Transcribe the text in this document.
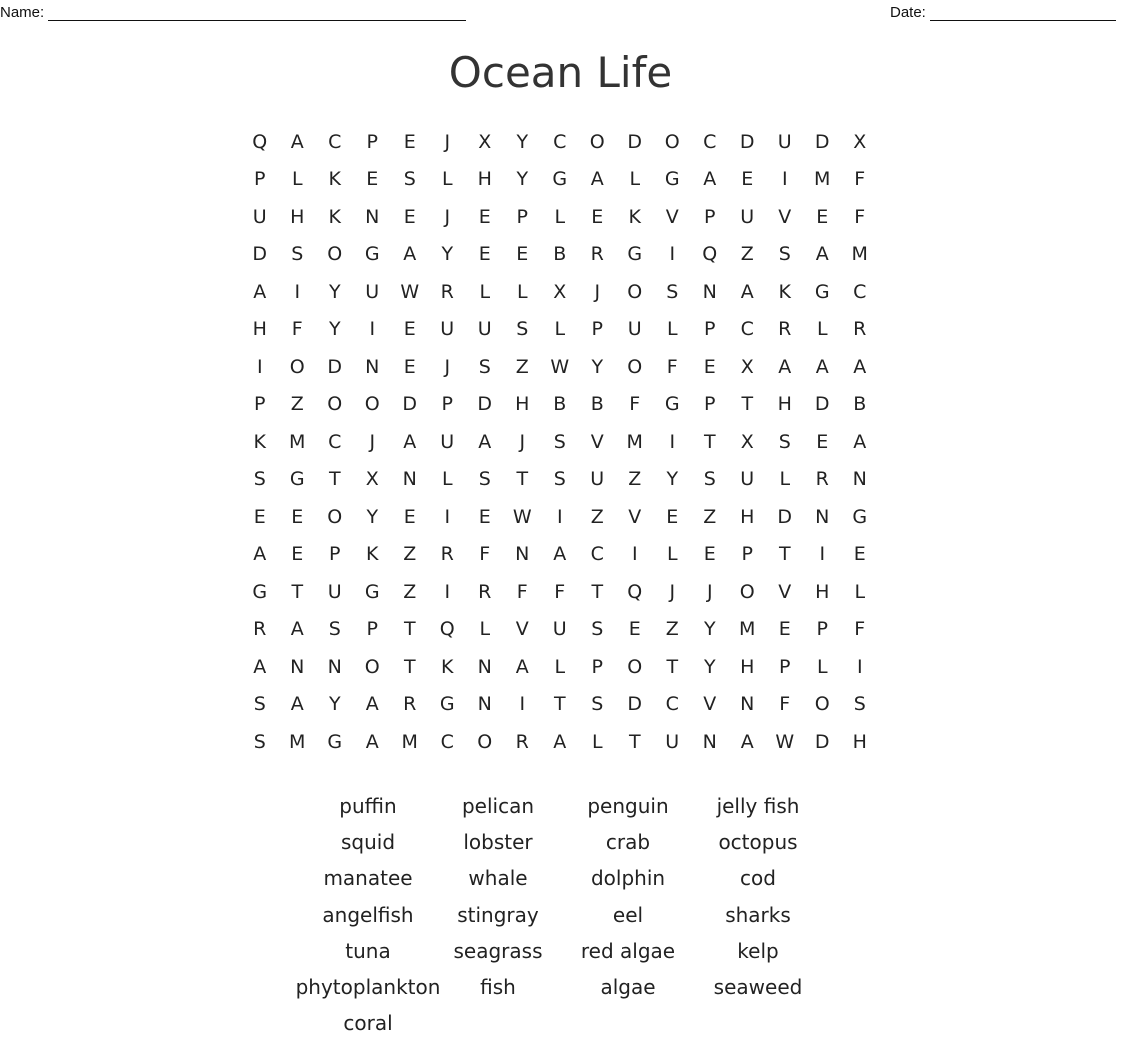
Name:	Date:
Ocean Life
Q	A	C	P	E	J	X	Y	C	O	D	O	C	D	U	D	X
P	L	K	E	S	L	H	Y	G	A	L	G	A	E	I	M	F
U	H	K	N	E	J	E	P	L	E	K	V	P	U	V	E	F
D	S	O	G	A	Y	E	E	B	R	G	I	Q	Z	S	A	M
A	I	Y	U	W	R	L	L	X	J	O	S	N	A	K	G	C
H	F	Y	I	E	U	U	S	L	P	U	L	P	C	R	L	R
I	O	D	N	E	J	S	Z	W	Y	O	F	E	X	A	A	A
P	Z	O	O	D	P	D	H	B	B	F	G	P	T	H	D	B
K	M	C	J	A	U	A	J	S	V	M	I	T	X	S	E	A
S	G	T	X	N	L	S	T	S	U	Z	Y	S	U	L	R	N
E	E	O	Y	E	I	E	W	I	Z	V	E	Z	H	D	N	G
A	E	P	K	Z	R	F	N	A	C	I	L	E	P	T	I	E
G	T	U	G	Z	I	R	F	F	T	Q	J	J	O	V	H	L
R	A	S	P	T	Q	L	V	U	S	E	Z	Y	M	E	P	F
A	N	N	O	T	K	N	A	L	P	O	T	Y	H	P	L	I
S	A	Y	A	R	G	N	I	T	S	D	C	V	N	F	O	S
S	M	G	A	M	C	O	R	A	L	T	U	N	A	W	D	H
puffin	pelican	penguin	jelly fish
squid	lobster	crab	octopus
manatee	whale	dolphin	cod
angelfish	stingray	eel	sharks
tuna	seagrass	red algae	kelp
phytoplankton	fish	algae	seaweed
coral
